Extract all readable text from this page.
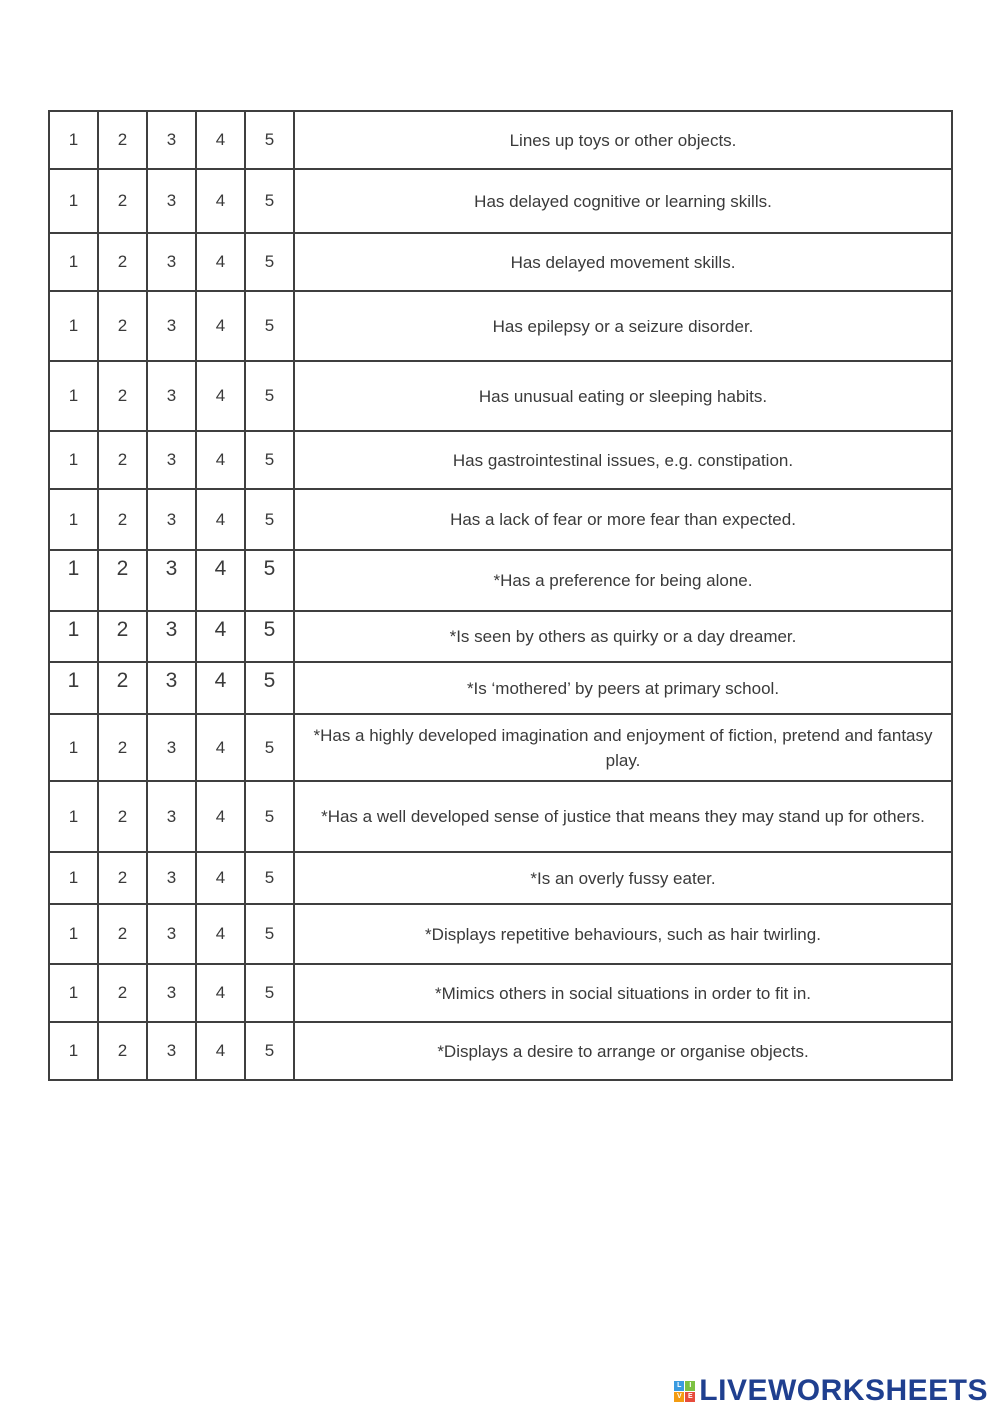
1	2	3	4	5	Lines up toys or other objects.
1	2	3	4	5	Has delayed cognitive or learning skills.
1	2	3	4	5	Has delayed movement skills.
1	2	3	4	5	Has epilepsy or a seizure disorder.
1	2	3	4	5	Has unusual eating or sleeping habits.
1	2	3	4	5	Has gastrointestinal issues, e.g. constipation.
1	2	3	4	5	Has a lack of fear or more fear than expected.
1	2	3	4	5	*Has a preference for being alone.
1	2	3	4	5	*Is seen by others as quirky or a day dreamer.
1	2	3	4	5	*Is ‘mothered’ by peers at primary school.
1	2	3	4	5	*Has a highly developed imagination and enjoyment of fiction, pretend and fantasy play.
1	2	3	4	5	*Has a well developed sense of justice that means they may stand up for others.
1	2	3	4	5	*Is an overly fussy eater.
1	2	3	4	5	*Displays repetitive behaviours, such as hair twirling.
1	2	3	4	5	*Mimics others in social situations in order to fit in.
1	2	3	4	5	*Displays a desire to arrange or organise objects.
L	I
V E LIVEWORKSHEETS
